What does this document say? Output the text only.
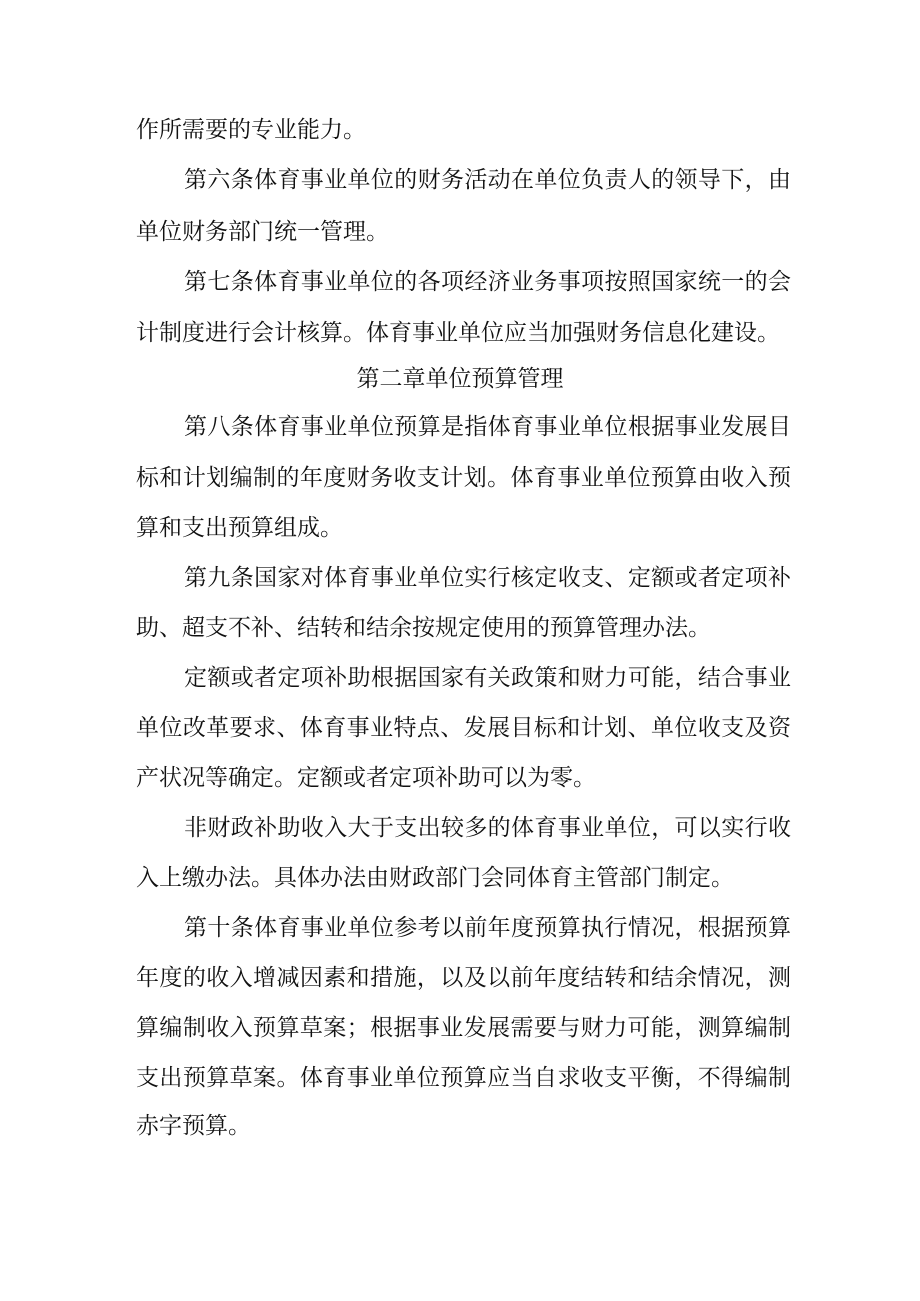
作所需要的专业能力。
第六条体育事业单位的财务活动在单位负责人的领导下，由
单位财务部门统一管理。
第七条体育事业单位的各项经济业务事项按照国家统一的会
计制度进行会计核算。体育事业单位应当加强财务信息化建设。
第二章单位预算管理
第八条体育事业单位预算是指体育事业单位根据事业发展目
标和计划编制的年度财务收支计划。体育事业单位预算由收入预
算和支出预算组成。
第九条国家对体育事业单位实行核定收支、定额或者定项补
助、超支不补、结转和结余按规定使用的预算管理办法。
定额或者定项补助根据国家有关政策和财力可能，结合事业
单位改革要求、体育事业特点、发展目标和计划、单位收支及资
产状况等确定。定额或者定项补助可以为零。
非财政补助收入大于支出较多的体育事业单位，可以实行收
入上缴办法。具体办法由财政部门会同体育主管部门制定。
第十条体育事业单位参考以前年度预算执行情况，根据预算
年度的收入增减因素和措施，以及以前年度结转和结余情况，测
算编制收入预算草案；根据事业发展需要与财力可能，测算编制
支出预算草案。体育事业单位预算应当自求收支平衡，不得编制
赤字预算。
